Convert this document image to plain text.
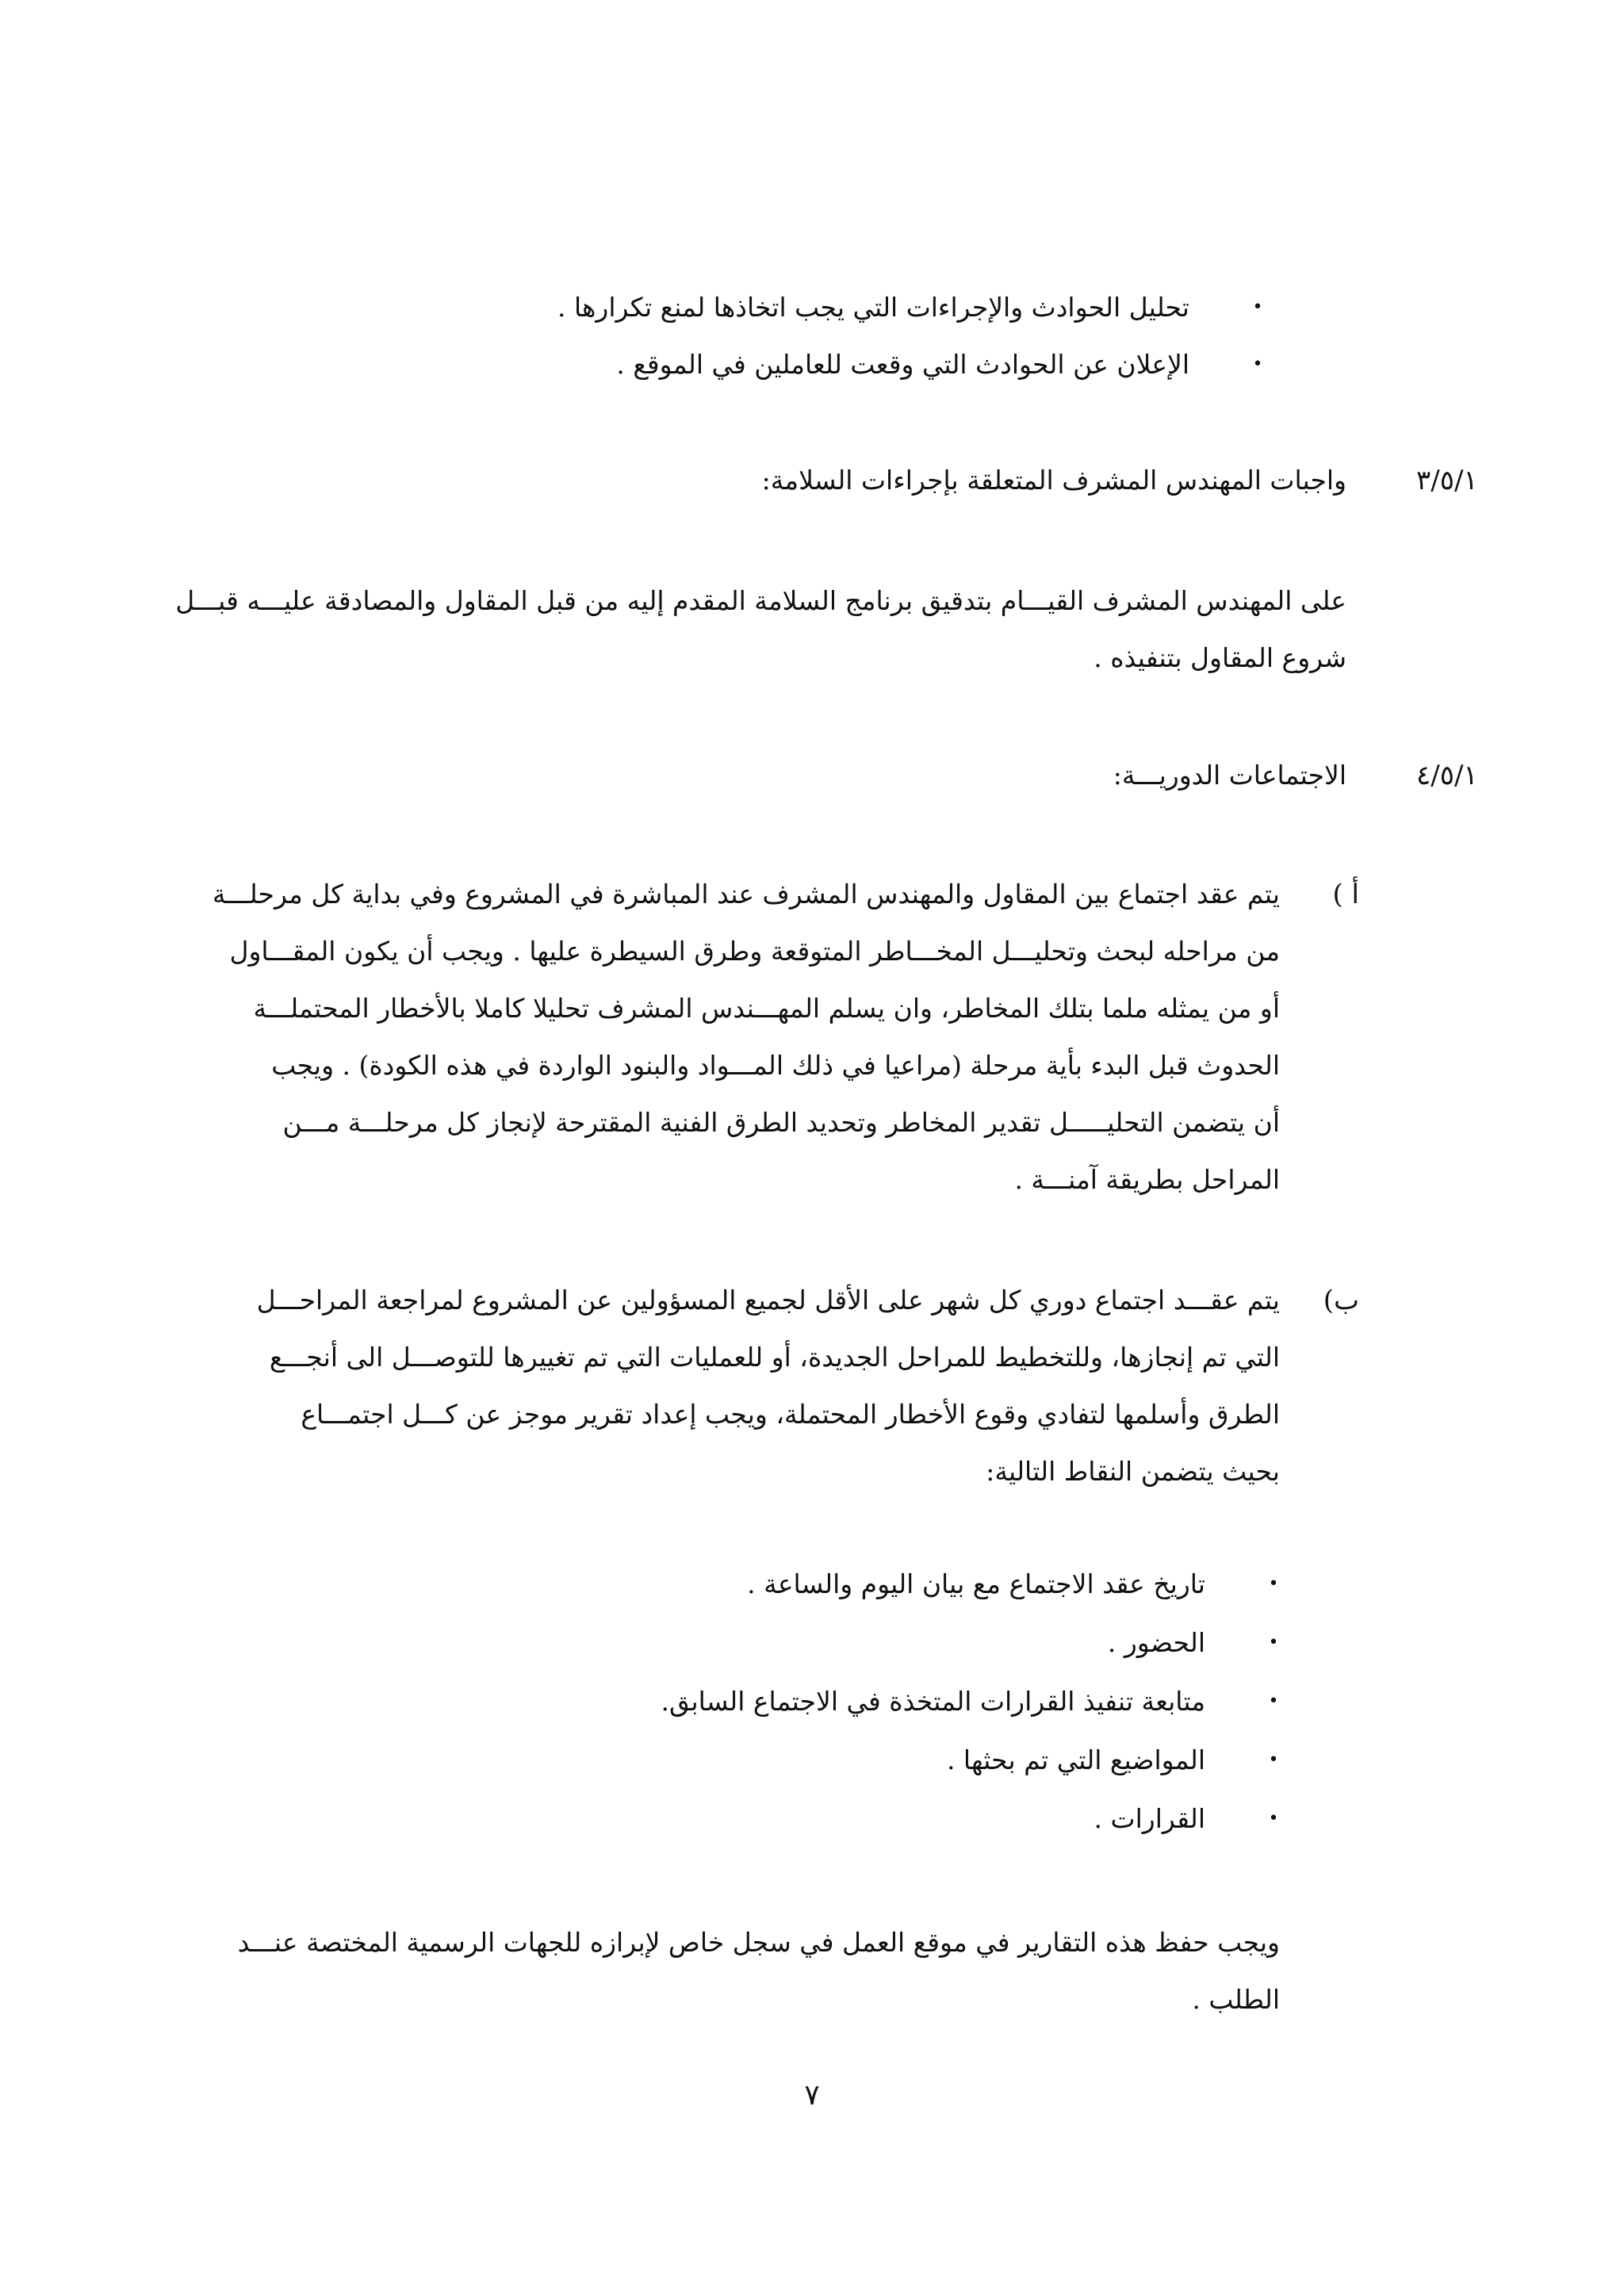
•
تحليل الحوادث والإجراءات التي يجب اتخاذها لمنع تكرارها .
•
الإعلان عن الحوادث التي وقعت للعاملين في الموقع .
٣/٥/١
واجبات المهندس المشرف المتعلقة بإجراءات السلامة:
على المهندس المشرف القيـــام بتدقيق برنامج السلامة المقدم إليه من قبل المقاول والمصادقة عليـــه قبـــل
شروع المقاول بتنفيذه .
٤/٥/١
الاجتماعات الدوريـــة:
أ )
يتم عقد اجتماع بين المقاول والمهندس المشرف عند المباشرة في المشروع وفي بداية كل مرحلـــة
من مراحله لبحث وتحليـــل المخـــاطر المتوقعة وطرق السيطرة عليها . ويجب أن يكون المقـــاول
أو من يمثله ملما بتلك المخاطر، وان يسلم المهـــندس المشرف تحليلا كاملا بالأخطار المحتملـــة
الحدوث قبل البدء بأية مرحلة (مراعيا في ذلك المـــواد والبنود الواردة في هذه الكودة) . ويجب
أن يتضمن التحليـــــل تقدير المخاطر وتحديد الطرق الفنية المقترحة لإنجاز كل مرحلـــة مـــن
المراحل بطريقة آمنـــة .
ب)
يتم عقـــد اجتماع دوري كل شهر على الأقل لجميع المسؤولين عن المشروع لمراجعة المراحـــل
التي تم إنجازها، وللتخطيط للمراحل الجديدة، أو للعمليات التي تم تغييرها للتوصـــل الى أنجـــع
الطرق وأسلمها لتفادي وقوع الأخطار المحتملة، ويجب إعداد تقرير موجز عن كـــل اجتمـــاع
بحيث يتضمن النقاط التالية:
•
تاريخ عقد الاجتماع مع بيان اليوم والساعة .
•
الحضور .
•
متابعة تنفيذ القرارات المتخذة في الاجتماع السابق.
•
المواضيع التي تم بحثها .
•
القرارات .
ويجب حفظ هذه التقارير في موقع العمل في سجل خاص لإبرازه للجهات الرسمية المختصة عنـــد
الطلب .
٧
